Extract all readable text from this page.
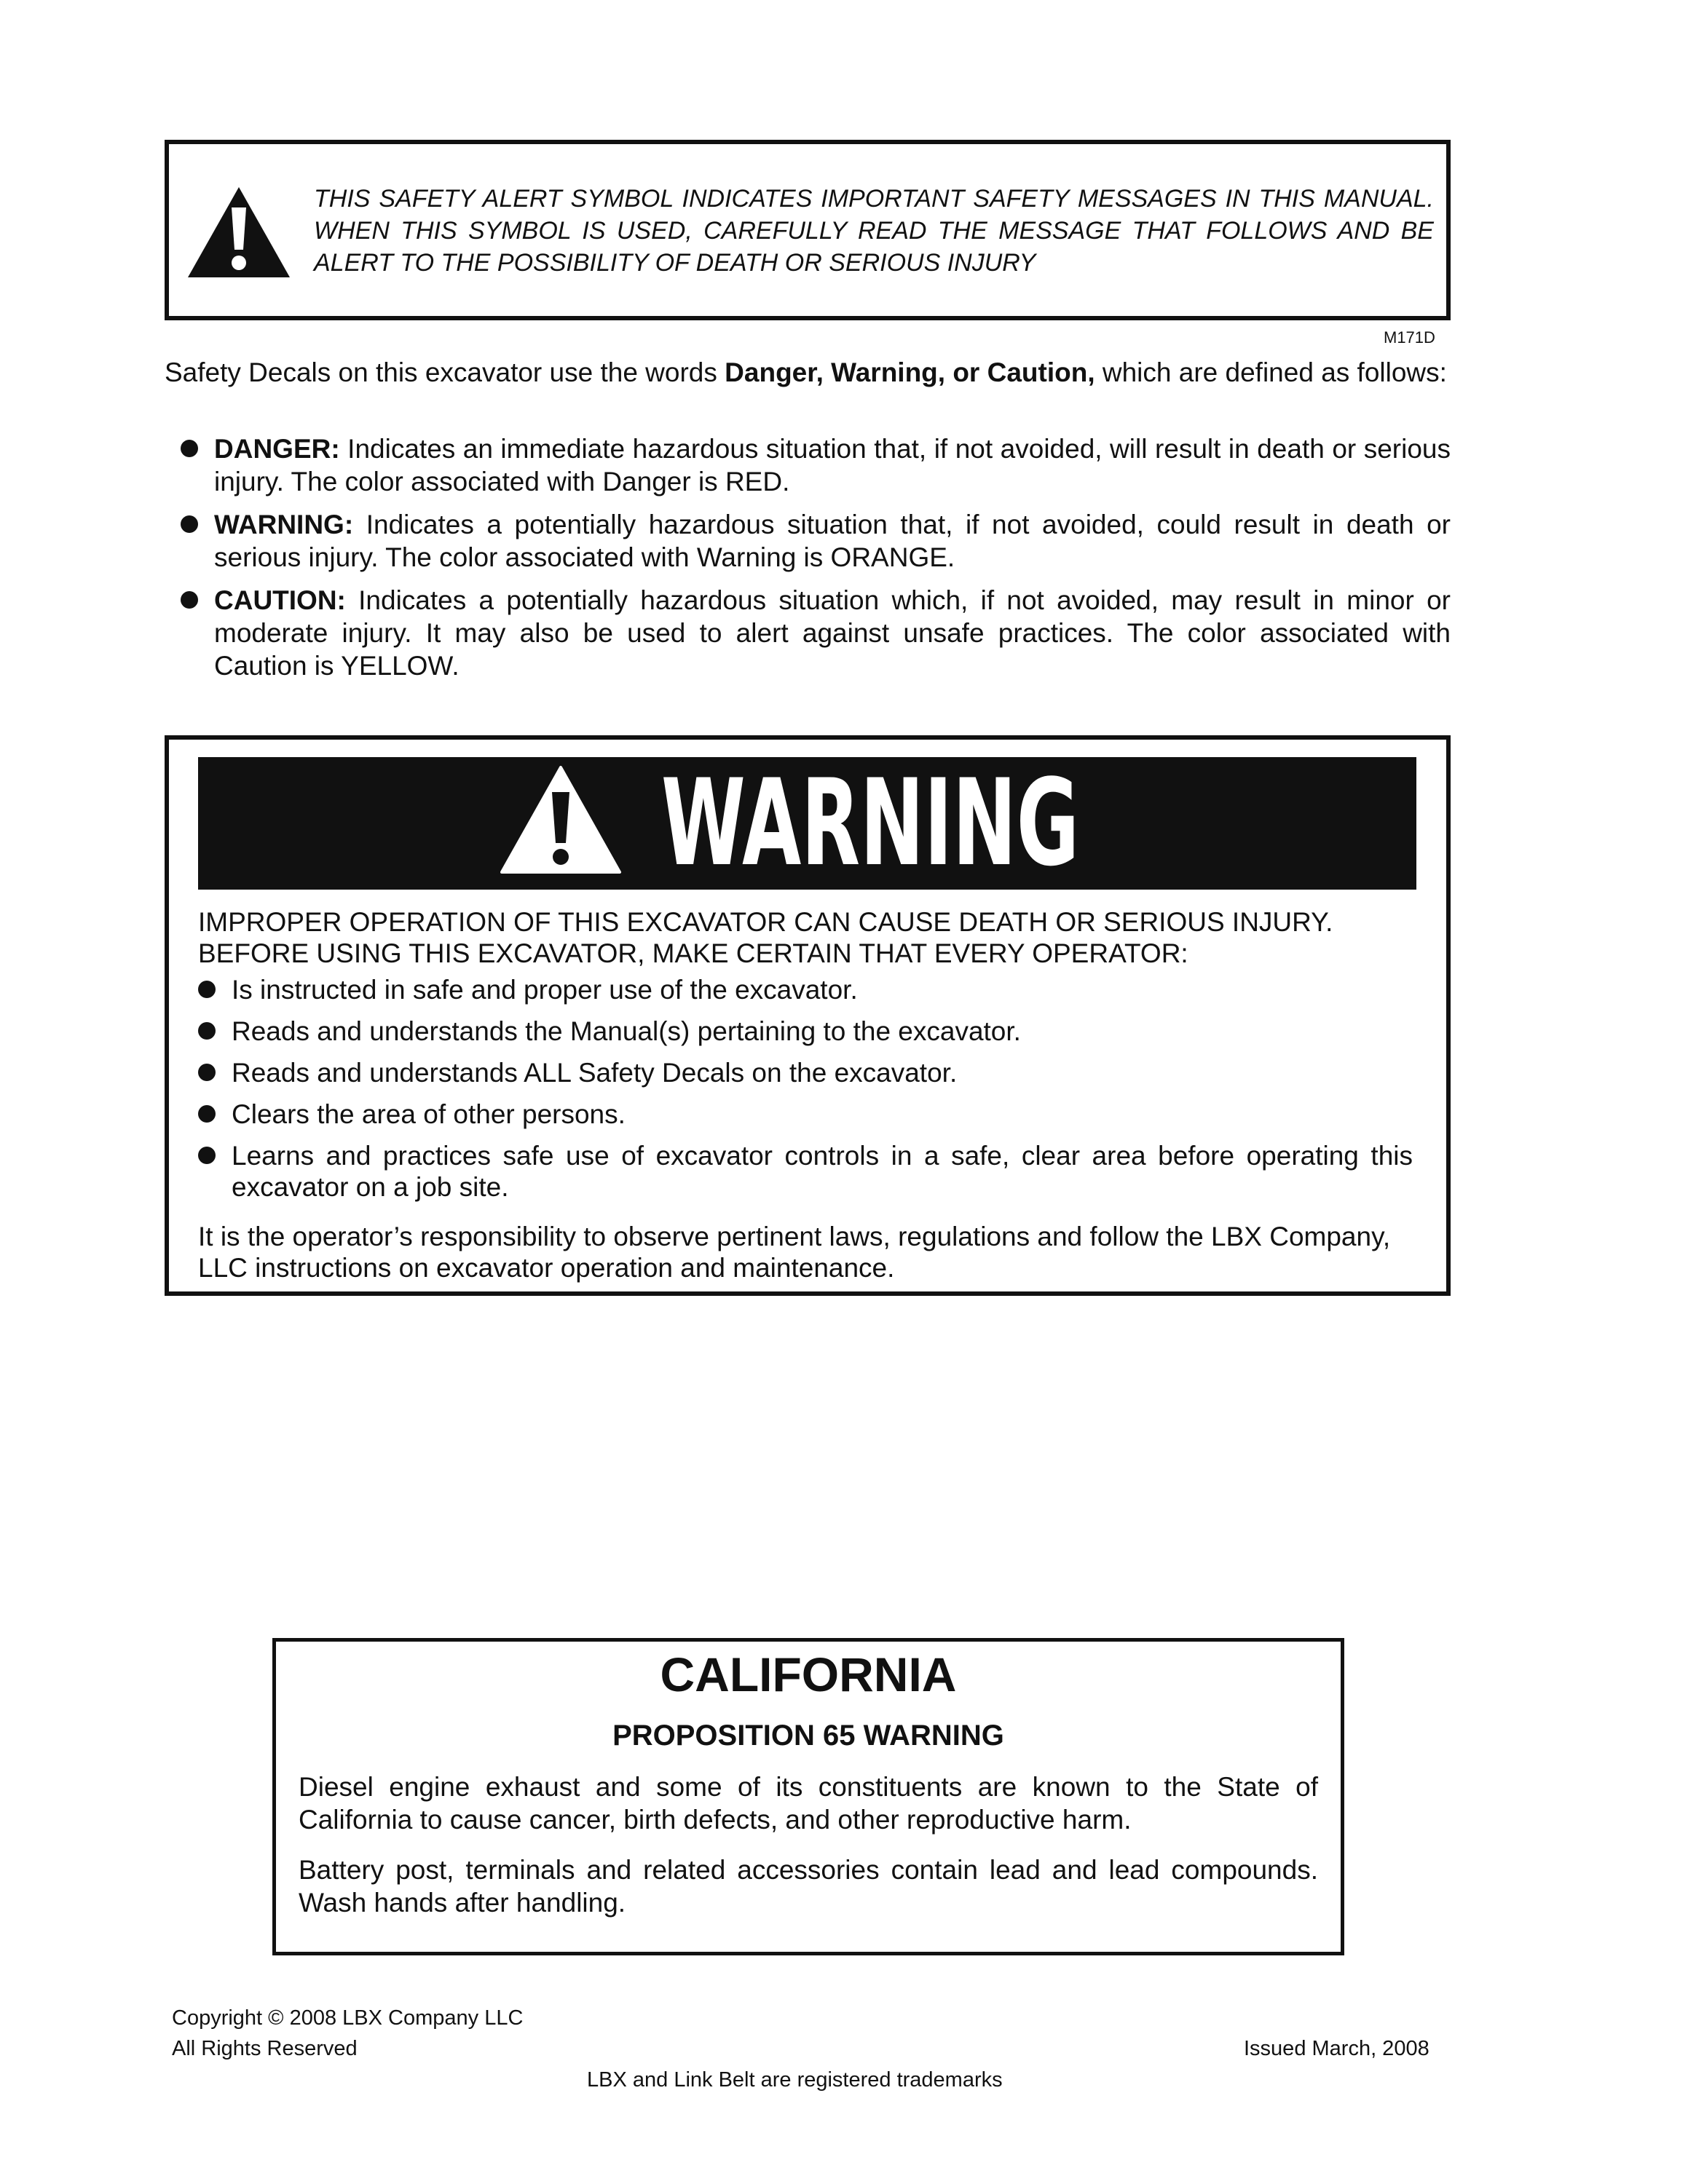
THIS SAFETY ALERT SYMBOL INDICATES IMPORTANT SAFETY MESSAGES IN THIS MANUAL. WHEN THIS SYMBOL IS USED, CAREFULLY READ THE MESSAGE THAT FOLLOWS AND BE ALERT TO THE POSSIBILITY OF DEATH OR SERIOUS INJURY
M171D
Safety Decals on this excavator use the words Danger, Warning, or Caution, which are defined as follows:
DANGER: Indicates an immediate hazardous situation that, if not avoided, will result in death or serious injury. The color associated with Danger is RED.
WARNING: Indicates a potentially hazardous situation that, if not avoided, could result in death or serious injury. The color associated with Warning is ORANGE.
CAUTION: Indicates a potentially hazardous situation which, if not avoided, may result in minor or moderate injury. It may also be used to alert against unsafe practices. The color associated with Caution is YELLOW.
WARNING
IMPROPER OPERATION OF THIS EXCAVATOR CAN CAUSE DEATH OR SERIOUS INJURY.
BEFORE USING THIS EXCAVATOR, MAKE CERTAIN THAT EVERY OPERATOR:
Is instructed in safe and proper use of the excavator.
Reads and understands the Manual(s) pertaining to the excavator.
Reads and understands ALL Safety Decals on the excavator.
Clears the area of other persons.
Learns and practices safe use of excavator controls in a safe, clear area before operating this excavator on a job site.
It is the operator’s responsibility to observe pertinent laws, regulations and follow the LBX Company, LLC instructions on excavator operation and maintenance.
CALIFORNIA
PROPOSITION 65 WARNING
Diesel engine exhaust and some of its constituents are known to the State of California to cause cancer, birth defects, and other reproductive harm.
Battery post, terminals and related accessories contain lead and lead compounds. Wash hands after handling.
Copyright © 2008 LBX Company LLC
All Rights Reserved	Issued March, 2008
LBX and Link Belt are registered trademarks
